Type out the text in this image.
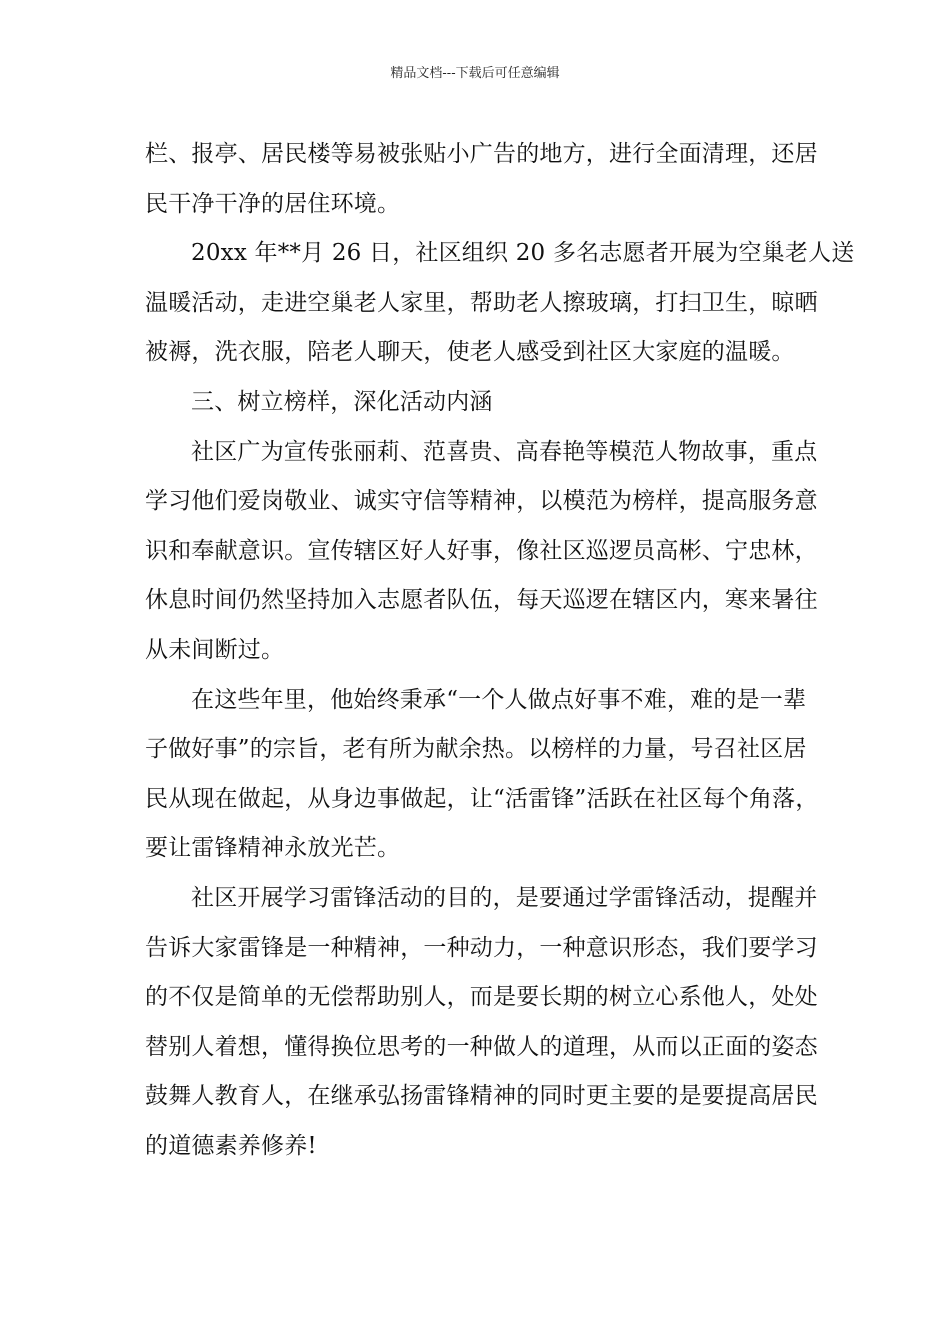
精品文档---下载后可任意编辑
栏、报亭、居民楼等易被张贴小广告的地方，进行全面清理，还居
民干净干净的居住环境。
20xx 年**月 26 日，社区组织 20 多名志愿者开展为空巢老人送
温暖活动，走进空巢老人家里，帮助老人擦玻璃，打扫卫生，晾晒
被褥，洗衣服，陪老人聊天，使老人感受到社区大家庭的温暖。
三、树立榜样，深化活动内涵
社区广为宣传张丽莉、范喜贵、高春艳等模范人物故事，重点
学习他们爱岗敬业、诚实守信等精神，以模范为榜样，提高服务意
识和奉献意识。宣传辖区好人好事，像社区巡逻员高彬、宁忠林，
休息时间仍然坚持加入志愿者队伍，每天巡逻在辖区内，寒来暑往
从未间断过。
在这些年里，他始终秉承“一个人做点好事不难，难的是一辈
子做好事”的宗旨，老有所为献余热。以榜样的力量，号召社区居
民从现在做起，从身边事做起，让“活雷锋”活跃在社区每个角落，
要让雷锋精神永放光芒。
社区开展学习雷锋活动的目的，是要通过学雷锋活动，提醒并
告诉大家雷锋是一种精神，一种动力，一种意识形态，我们要学习
的不仅是简单的无偿帮助别人，而是要长期的树立心系他人，处处
替别人着想，懂得换位思考的一种做人的道理，从而以正面的姿态
鼓舞人教育人，在继承弘扬雷锋精神的同时更主要的是要提高居民
的道德素养修养!
